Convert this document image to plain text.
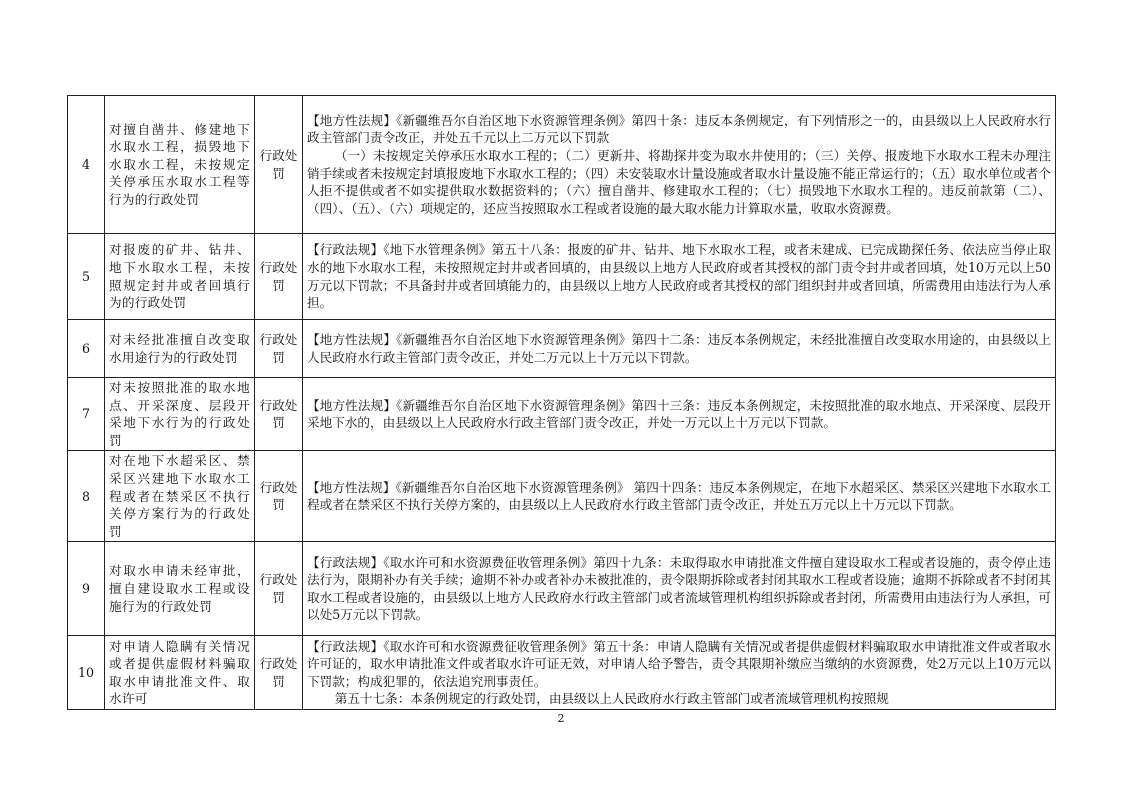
4	对擅自凿井、修建地下水取水工程，损毁地下水取水工程，未按规定关停承压水取水工程等行为的行政处罚	行政处罚	【地方性法规】《新疆维吾尔自治区地下水资源管理条例》第四十条：违反本条例规定，有下列情形之一的，由县级以上人民政府水行政主管部门责令改正，并处五千元以上二万元以下罚款

（一）未按规定关停承压水取水工程的；（二）更新井、将勘探井变为取水井使用的；（三）关停、报废地下水取水工程未办理注销手续或者未按规定封填报废地下水取水工程的；（四）未安装取水计量设施或者取水计量设施不能正常运行的；（五）取水单位或者个人拒不提供或者不如实提供取水数据资料的；（六）擅自凿井、修建取水工程的；（七）损毁地下水取水工程的。违反前款第（二）、（四）、（五）、（六）项规定的，还应当按照取水工程或者设施的最大取水能力计算取水量，收取水资源费。

5	对报废的矿井、钻井、地下水取水工程，未按照规定封井或者回填行为的行政处罚	行政处罚	【行政法规】《地下水管理条例》第五十八条：报废的矿井、钻井、地下水取水工程，或者未建成、已完成勘探任务、依法应当停止取水的地下水取水工程，未按照规定封井或者回填的，由县级以上地方人民政府或者其授权的部门责令封井或者回填，处10万元以上50万元以下罚款；不具备封井或者回填能力的，由县级以上地方人民政府或者其授权的部门组织封井或者回填，所需费用由违法行为人承担。

6	对未经批准擅自改变取水用途行为的行政处罚	行政处罚	【地方性法规】《新疆维吾尔自治区地下水资源管理条例》第四十二条：违反本条例规定，未经批准擅自改变取水用途的，由县级以上人民政府水行政主管部门责令改正，并处二万元以上十万元以下罚款。

7	对未按照批准的取水地点、开采深度、层段开采地下水行为的行政处罚	行政处罚	【地方性法规】《新疆维吾尔自治区地下水资源管理条例》第四十三条：违反本条例规定，未按照批准的取水地点、开采深度、层段开采地下水的，由县级以上人民政府水行政主管部门责令改正，并处一万元以上十万元以下罚款。

8	对在地下水超采区、禁采区兴建地下水取水工程或者在禁采区不执行关停方案行为的行政处罚	行政处罚	【地方性法规】《新疆维吾尔自治区地下水资源管理条例》 第四十四条：违反本条例规定，在地下水超采区、禁采区兴建地下水取水工程或者在禁采区不执行关停方案的，由县级以上人民政府水行政主管部门责令改正，并处五万元以上十万元以下罚款。

9	对取水申请未经审批，擅自建设取水工程或设施行为的行政处罚	行政处罚	【行政法规】《取水许可和水资源费征收管理条例》第四十九条：未取得取水申请批准文件擅自建设取水工程或者设施的，责令停止违法行为，限期补办有关手续；逾期不补办或者补办未被批准的，责令限期拆除或者封闭其取水工程或者设施；逾期不拆除或者不封闭其取水工程或者设施的，由县级以上地方人民政府水行政主管部门或者流域管理机构组织拆除或者封闭，所需费用由违法行为人承担，可以处5万元以下罚款。

10	对申请人隐瞒有关情况或者提供虚假材料骗取取水申请批准文件、取水许可	行政处罚	【行政法规】《取水许可和水资源费征收管理条例》第五十条：申请人隐瞒有关情况或者提供虚假材料骗取取水申请批准文件或者取水许可证的，取水申请批准文件或者取水许可证无效，对申请人给予警告，责令其限期补缴应当缴纳的水资源费，处2万元以上10万元以下罚款；构成犯罪的，依法追究刑事责任。

第五十七条：本条例规定的行政处罚，由县级以上人民政府水行政主管部门或者流域管理机构按照规

2
